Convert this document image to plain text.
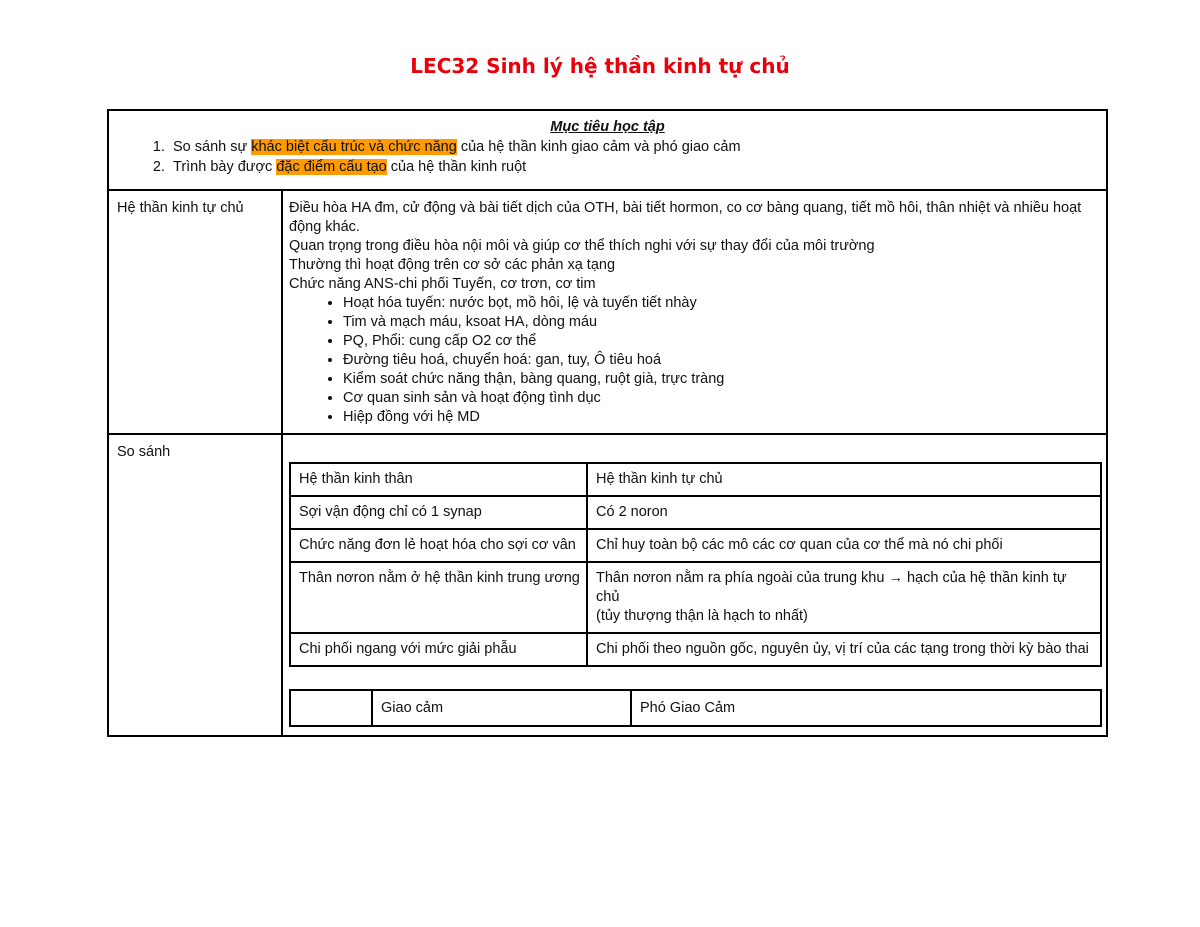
LEC32 Sinh lý hệ thần kinh tự chủ
Mục tiêu học tập
1. So sánh sự khác biệt cấu trúc và chức năng của hệ thần kinh giao cảm và phó giao cảm
2. Trình bày được đặc điểm cấu tạo của hệ thần kinh ruột

Hệ thần kinh tự chủ	Điều hòa HA đm, cử động và bài tiết dịch của OTH, bài tiết hormon, co cơ bàng quang, tiết mồ hôi, thân nhiệt và nhiều hoạt động khác.

Quan trọng trong điều hòa nội môi và giúp cơ thể thích nghi với sự thay đổi của môi trường

Thường thì hoạt động trên cơ sở các phản xạ tạng

Chức năng ANS-chi phối Tuyến, cơ trơn, cơ tim

• Hoạt hóa tuyến: nước bọt, mồ hôi, lệ và tuyến tiết nhày
• Tim và mạch máu, ksoat HA, dòng máu
• PQ, Phổi: cung cấp O2 cơ thể
• Đường tiêu hoá, chuyển hoá: gan, tuy, Ô tiêu hoá
• Kiểm soát chức năng thận, bàng quang, ruột già, trực tràng
• Cơ quan sinh sản và hoạt động tình dục
• Hiệp đồng với hệ MD

So sánh	
Hệ thần kinh thân	Hệ thần kinh tự chủ
Sợi vận động chỉ có 1 synap	Có 2 noron
Chức năng đơn lẻ hoạt hóa cho sợi cơ vân	Chỉ huy toàn bộ các mô các cơ quan của cơ thể mà nó chi phối
Thân nơron nằm ở hệ thần kinh trung ương	Thân nơron nằm ra phía ngoài của trung khu → hạch của hệ thần kinh tự chủ
(tủy thượng thận là hạch to nhất)

Chi phối ngang với mức giải phẫu	Chi phối theo nguồn gốc, nguyên ủy, vị trí của các tạng trong thời kỳ bào thai
	Giao cảm	Phó Giao Cảm
